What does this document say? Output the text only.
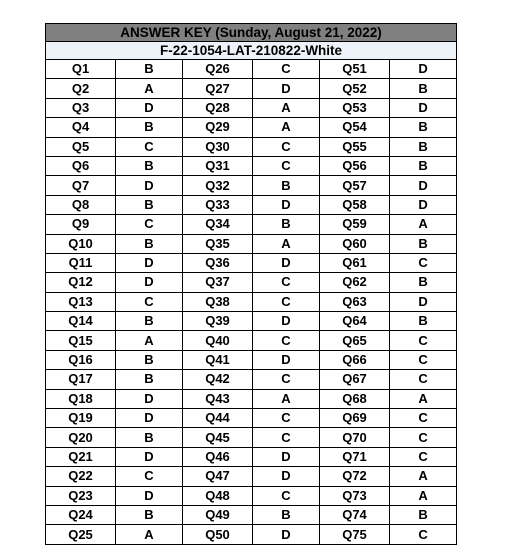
ANSWER KEY (Sunday, August 21, 2022)					
F-22-1054-LAT-210822-White					
Q1	B	Q26	C	Q51	D
Q2	A	Q27	D	Q52	B
Q3	D	Q28	A	Q53	D
Q4	B	Q29	A	Q54	B
Q5	C	Q30	C	Q55	B
Q6	B	Q31	C	Q56	B
Q7	D	Q32	B	Q57	D
Q8	B	Q33	D	Q58	D
Q9	C	Q34	B	Q59	A
Q10	B	Q35	A	Q60	B
Q11	D	Q36	D	Q61	C
Q12	D	Q37	C	Q62	B
Q13	C	Q38	C	Q63	D
Q14	B	Q39	D	Q64	B
Q15	A	Q40	C	Q65	C
Q16	B	Q41	D	Q66	C
Q17	B	Q42	C	Q67	C
Q18	D	Q43	A	Q68	A
Q19	D	Q44	C	Q69	C
Q20	B	Q45	C	Q70	C
Q21	D	Q46	D	Q71	C
Q22	C	Q47	D	Q72	A
Q23	D	Q48	C	Q73	A
Q24	B	Q49	B	Q74	B
Q25	A	Q50	D	Q75	C
